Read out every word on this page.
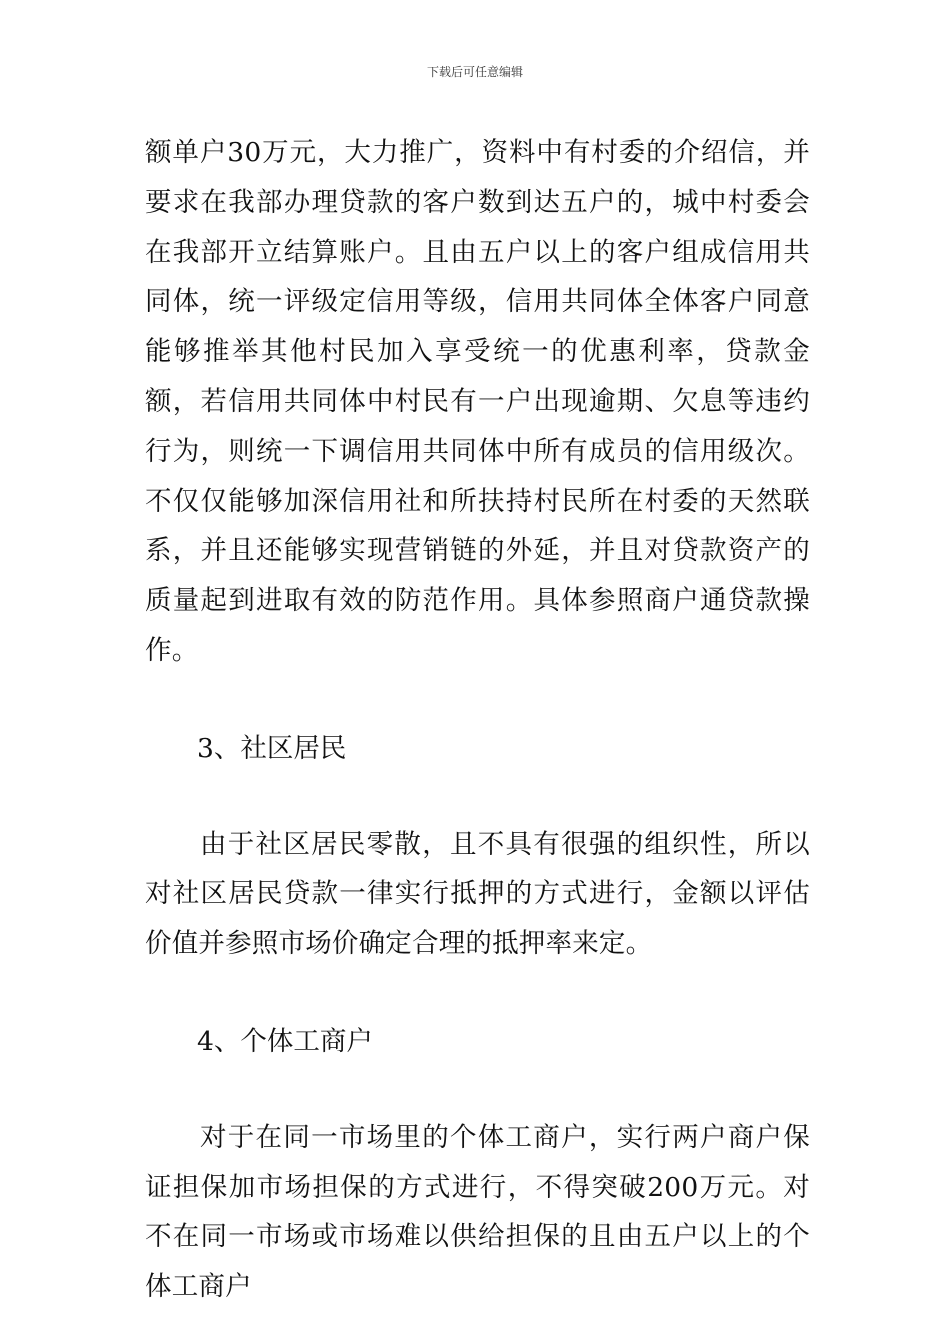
下载后可任意编辑

额单户30万元，大力推广，资料中有村委的介绍信，并要求在我部办理贷款的客户数到达五户的，城中村委会在我部开立结算账户。且由五户以上的客户组成信用共同体，统一评级定信用等级，信用共同体全体客户同意能够推举其他村民加入享受统一的优惠利率，贷款金额，若信用共同体中村民有一户出现逾期、欠息等违约行为，则统一下调信用共同体中所有成员的信用级次。不仅仅能够加深信用社和所扶持村民所在村委的天然联系，并且还能够实现营销链的外延，并且对贷款资产的质量起到进取有效的防范作用。具体参照商户通贷款操作。

3、社区居民

由于社区居民零散，且不具有很强的组织性，所以对社区居民贷款一律实行抵押的方式进行，金额以评估价值并参照市场价确定合理的抵押率来定。

4、个体工商户

对于在同一市场里的个体工商户，实行两户商户保证担保加市场担保的方式进行，不得突破200万元。对不在同一市场或市场难以供给担保的且由五户以上的个体工商户
